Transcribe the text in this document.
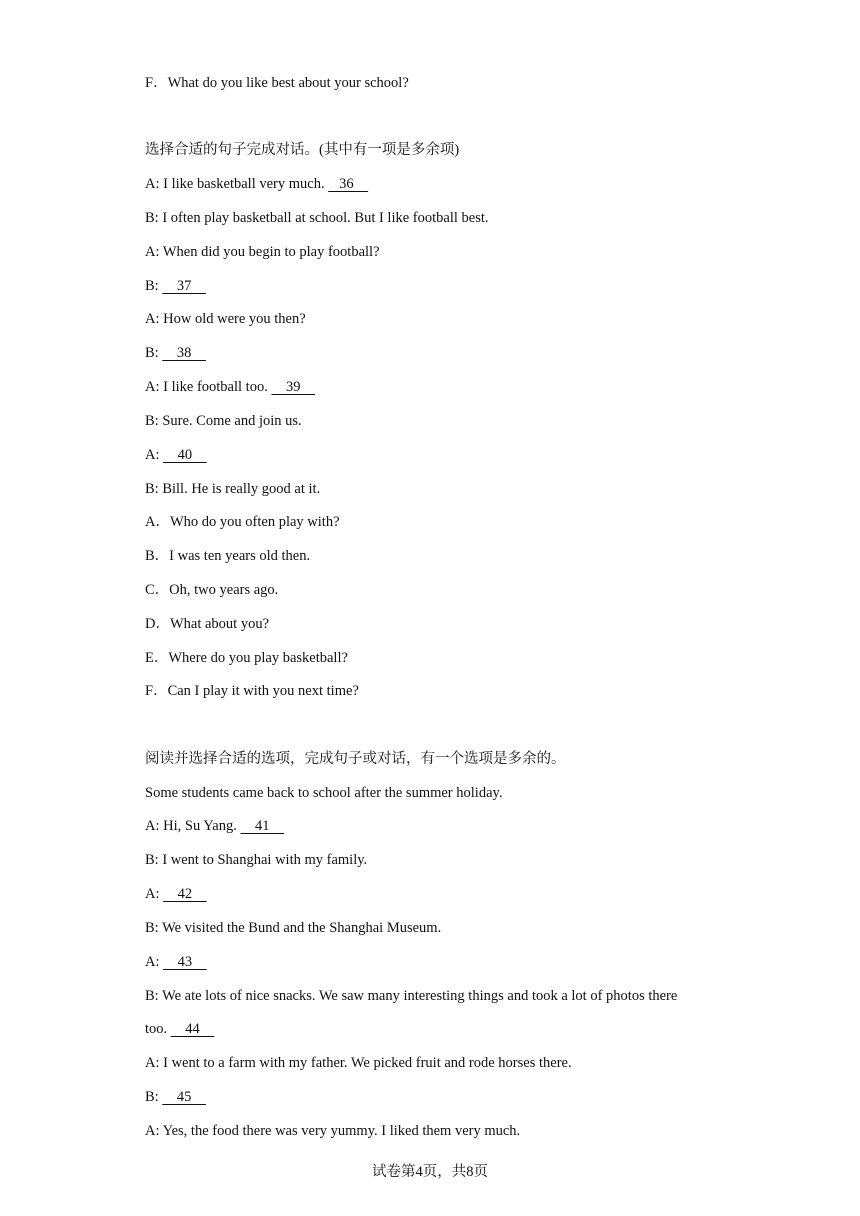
F．What do you like best about your school?
选择合适的句子完成对话。(其中有一项是多余项)
A: I like basketball very much.    36
B: I often play basketball at school. But I like football best.
A: When did you begin to play football?
B:     37
A: How old were you then?
B:     38
A: I like football too.     39
B: Sure. Come and join us.
A:     40
B: Bill. He is really good at it.
A．Who do you often play with?
B．I was ten years old then.
C．Oh, two years ago.
D．What about you?
E．Where do you play basketball?
F．Can I play it with you next time?
阅读并选择合适的选项，完成句子或对话，有一个选项是多余的。
Some students came back to school after the summer holiday.
A: Hi, Su Yang.     41
B: I went to Shanghai with my family.
A:     42
B: We visited the Bund and the Shanghai Museum.
A:     43
B: We ate lots of nice snacks. We saw many interesting things and took a lot of photos there
too.     44
A: I went to a farm with my father. We picked fruit and rode horses there.
B:     45
A: Yes, the food there was very yummy. I liked them very much.
试卷第4页，共8页
